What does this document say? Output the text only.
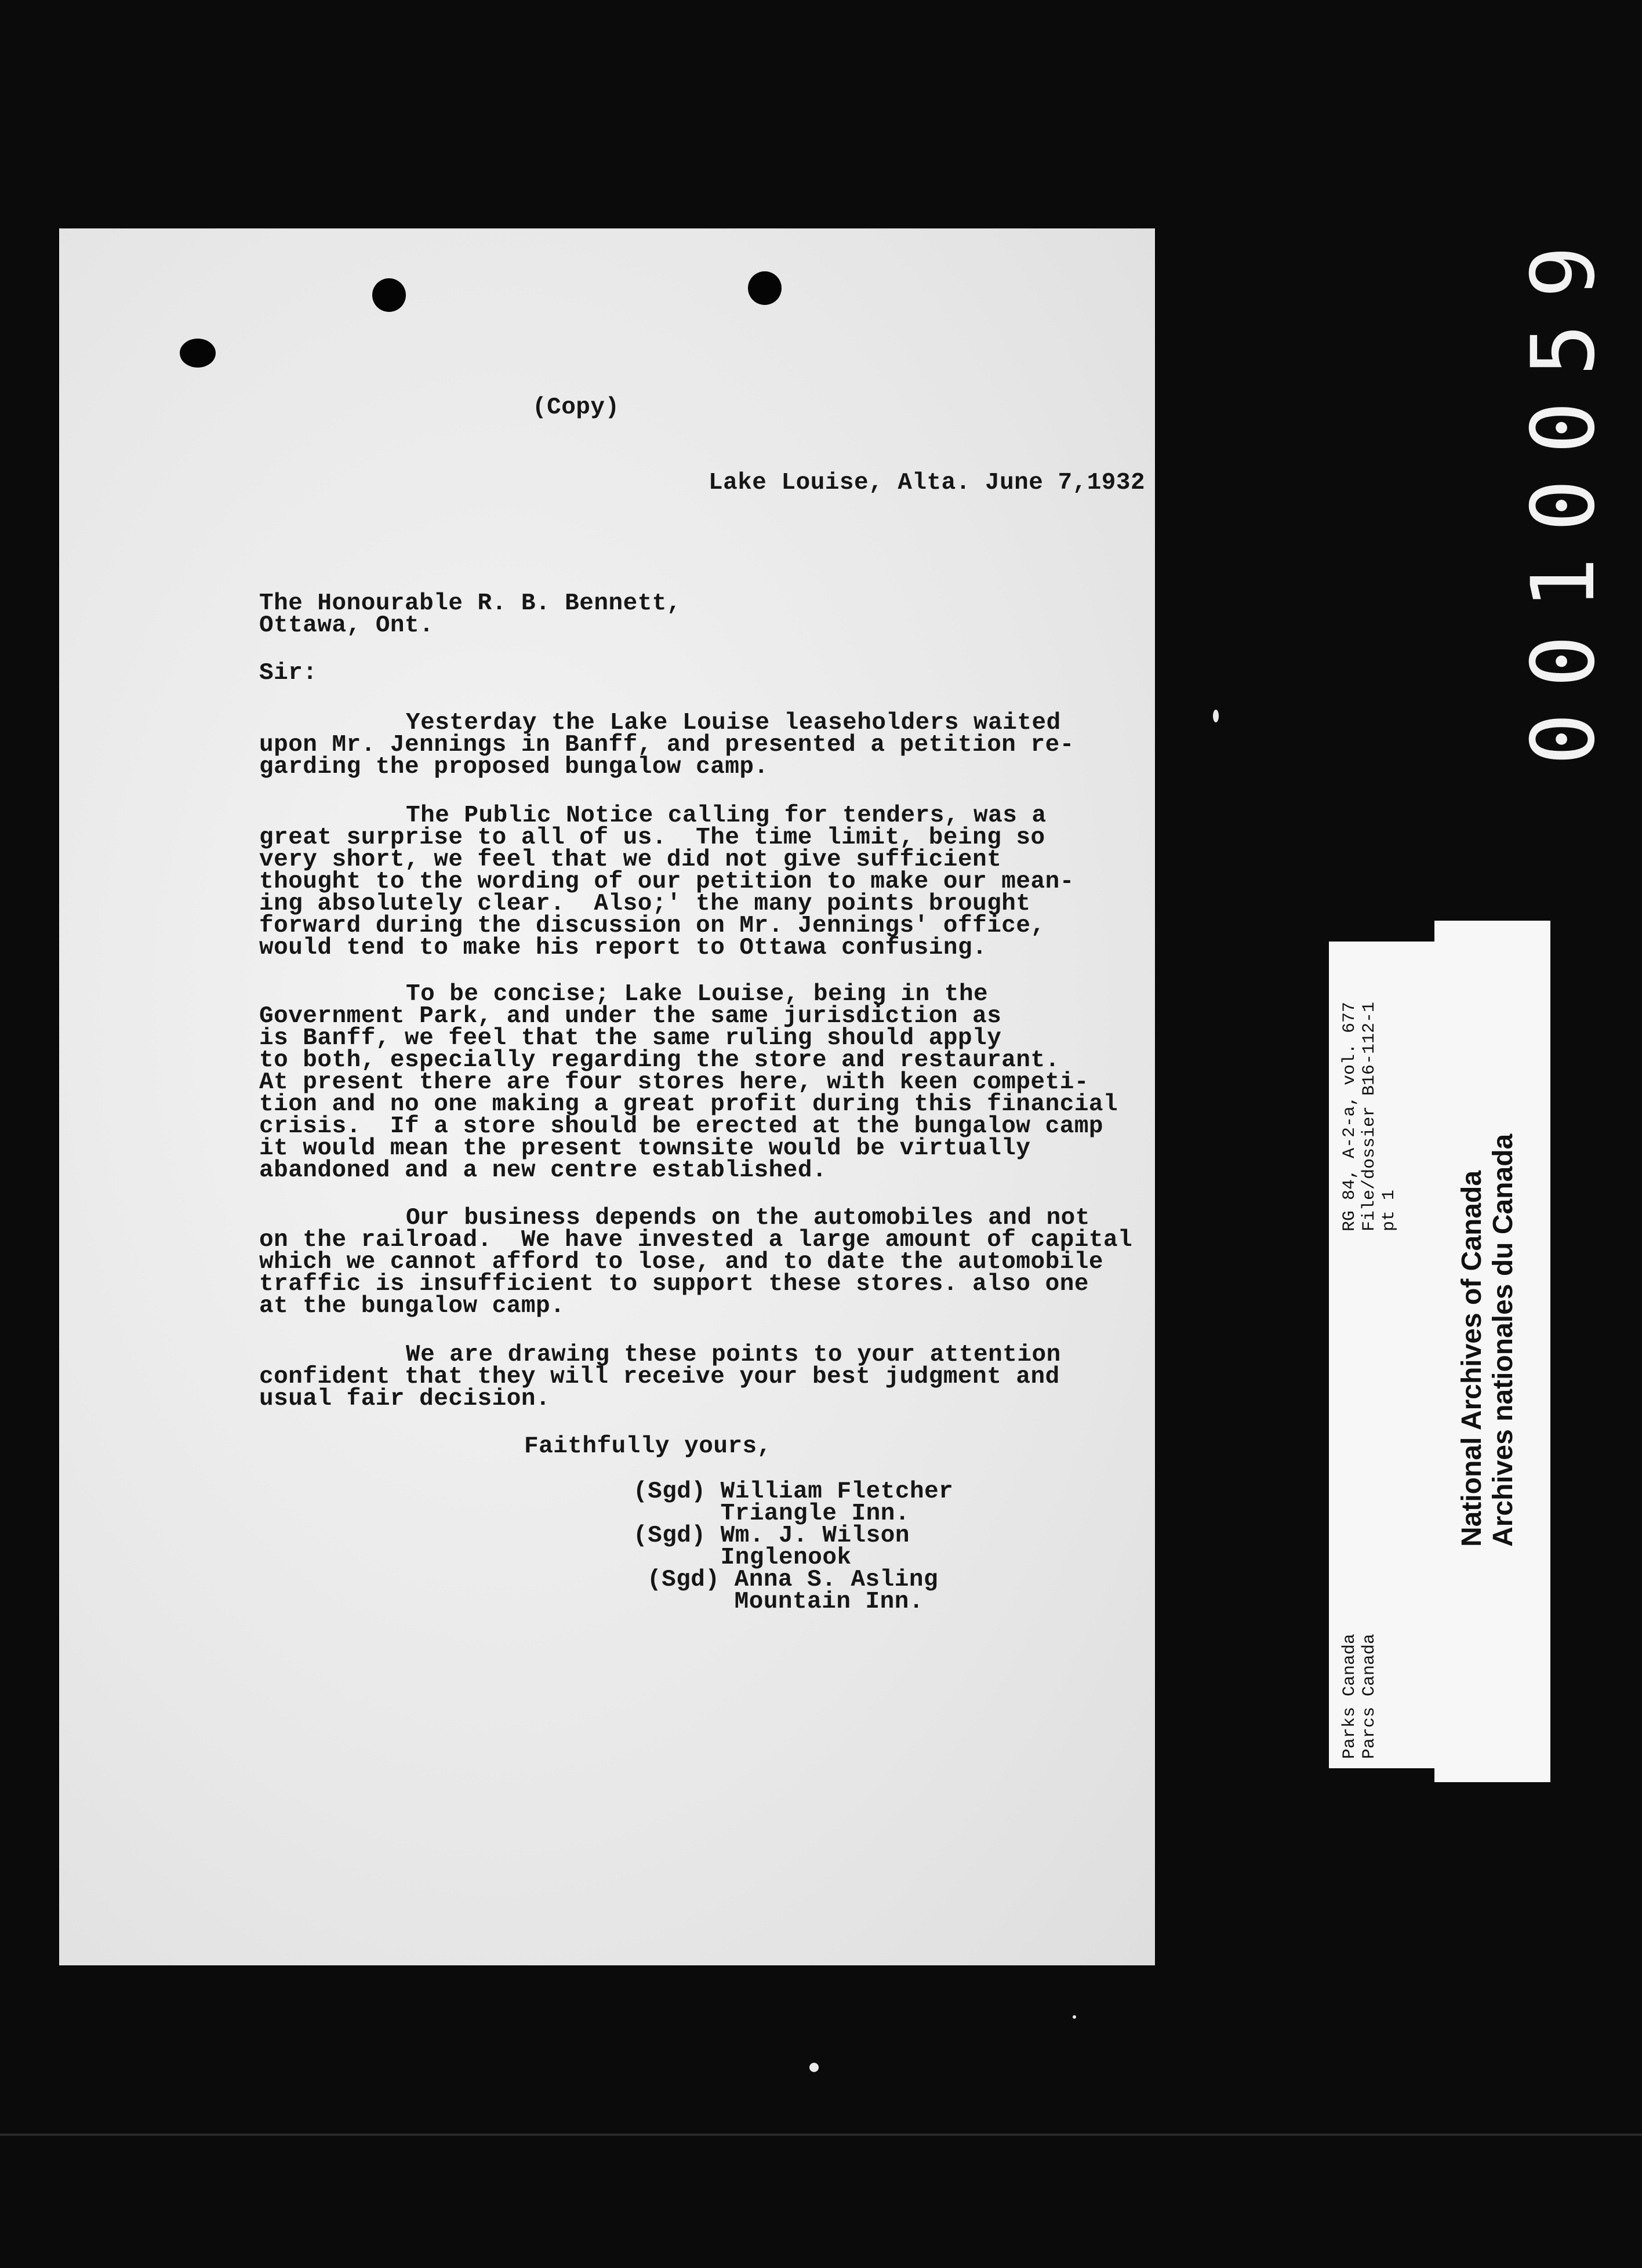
(Copy)
Lake Louise, Alta. June 7,1932
The Honourable R. B. Bennett,
Ottawa, Ont.
Sir:
Yesterday the Lake Louise leaseholders waited
upon Mr. Jennings in Banff, and presented a petition re-
garding the proposed bungalow camp.
The Public Notice calling for tenders, was a
great surprise to all of us.  The time limit, being so
very short, we feel that we did not give sufficient
thought to the wording of our petition to make our mean-
ing absolutely clear.  Also;' the many points brought
forward during the discussion on Mr. Jennings' office,
would tend to make his report to Ottawa confusing.
To be concise; Lake Louise, being in the
Government Park, and under the same jurisdiction as
is Banff, we feel that the same ruling should apply
to both, especially regarding the store and restaurant.
At present there are four stores here, with keen competi-
tion and no one making a great profit during this financial
crisis.  If a store should be erected at the bungalow camp
it would mean the present townsite would be virtually
abandoned and a new centre established.
Our business depends on the automobiles and not
on the railroad.  We have invested a large amount of capital
which we cannot afford to lose, and to date the automobile
traffic is insufficient to support these stores. also one
at the bungalow camp.
We are drawing these points to your attention
confident that they will receive your best judgment and
usual fair decision.
Faithfully yours,
(Sgd) William Fletcher
Triangle Inn.
(Sgd) Wm. J. Wilson
Inglenook
(Sgd) Anna S. Asling
Mountain Inn.
0010059
RG 84, A-2-a, vol. 677 File/dossier B16-112-1 pt 1
Parks Canada Parcs Canada
National Archives of Canada Archives nationales du Canada
